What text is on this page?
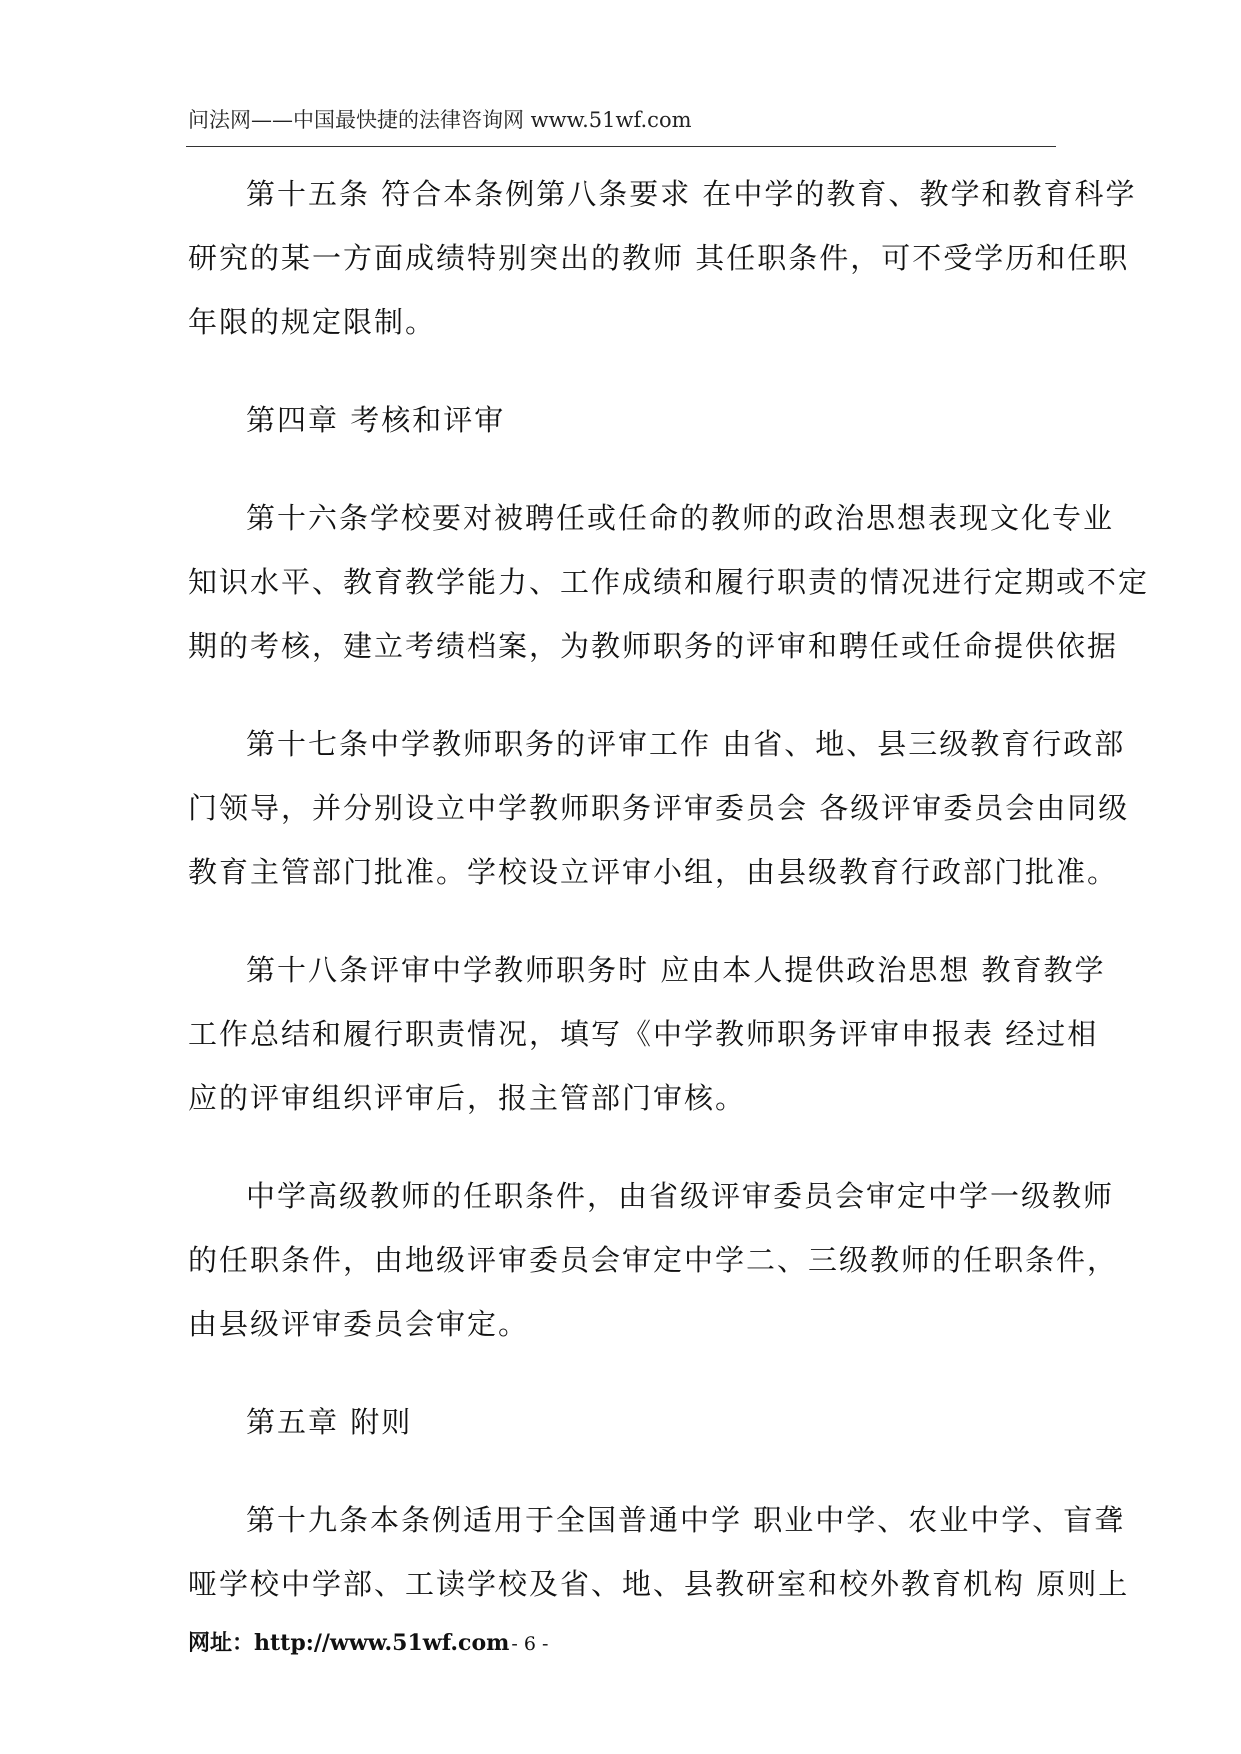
问法网——中国最快捷的法律咨询网 www.51wf.com
第十五条 符合本条例第八条要求 在中学的教育、教学和教育科学
研究的某一方面成绩特别突出的教师 其任职条件，可不受学历和任职
年限的规定限制。
第四章 考核和评审
第十六条学校要对被聘任或任命的教师的政治思想表现文化专业
知识水平、教育教学能力、工作成绩和履行职责的情况进行定期或不定
期的考核，建立考绩档案，为教师职务的评审和聘任或任命提供依据
第十七条中学教师职务的评审工作 由省、地、县三级教育行政部
门领导，并分别设立中学教师职务评审委员会 各级评审委员会由同级
教育主管部门批准。学校设立评审小组，由县级教育行政部门批准。
第十八条评审中学教师职务时 应由本人提供政治思想 教育教学
工作总结和履行职责情况，填写《中学教师职务评审申报表 经过相
应的评审组织评审后，报主管部门审核。
中学高级教师的任职条件，由省级评审委员会审定中学一级教师
的任职条件，由地级评审委员会审定中学二、三级教师的任职条件，
由县级评审委员会审定。
第五章 附则
第十九条本条例适用于全国普通中学 职业中学、农业中学、盲聋
哑学校中学部、工读学校及省、地、县教研室和校外教育机构 原则上
网址：http://www.51wf.com - 6 -
